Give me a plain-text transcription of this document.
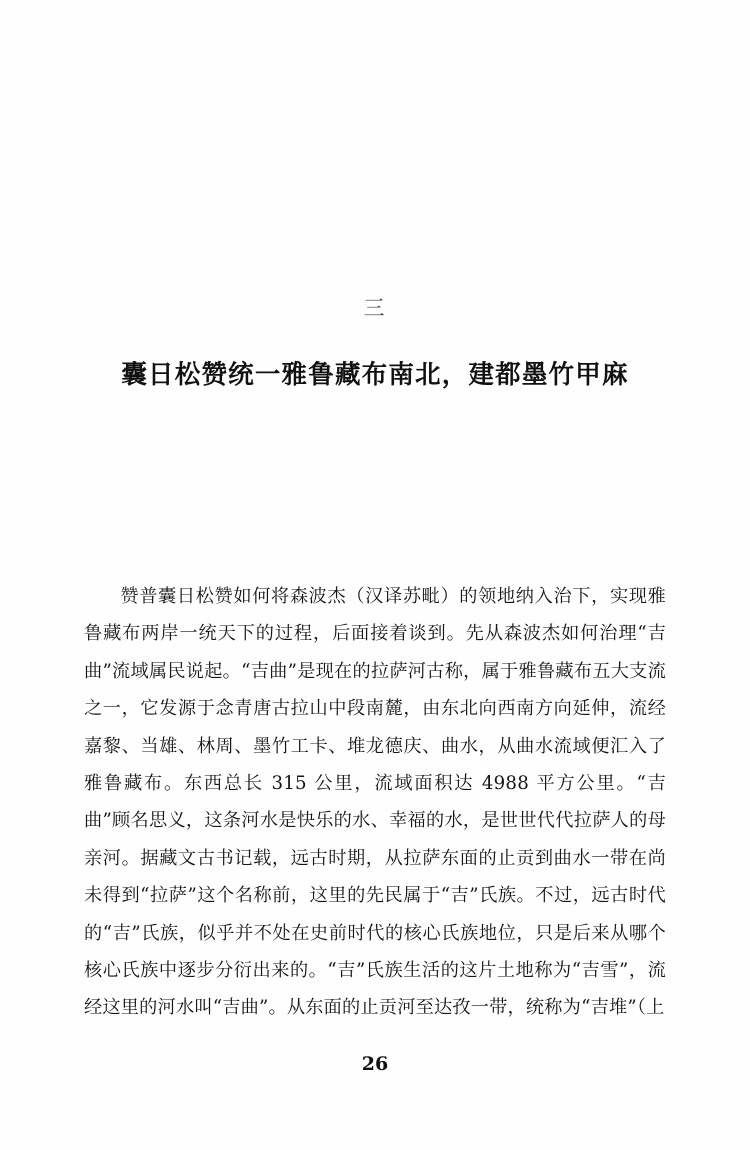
三
囊日松赞统一雅鲁藏布南北，建都墨竹甲麻

赞普囊日松赞如何将森波杰（汉译苏毗）的领地纳入治下，实现雅鲁藏布两岸一统天下的过程，后面接着谈到。先从森波杰如何治理“吉曲”流域属民说起。“吉曲”是现在的拉萨河古称，属于雅鲁藏布五大支流之一，它发源于念青唐古拉山中段南麓，由东北向西南方向延伸，流经嘉黎、当雄、林周、墨竹工卡、堆龙德庆、曲水，从曲水流域便汇入了雅鲁藏布。东西总长 315 公里，流域面积达 4988 平方公里。“吉曲”顾名思义，这条河水是快乐的水、幸福的水，是世世代代拉萨人的母亲河。据藏文古书记载，远古时期，从拉萨东面的止贡到曲水一带在尚未得到“拉萨”这个名称前，这里的先民属于“吉”氏族。不过，远古时代的“吉”氏族，似乎并不处在史前时代的核心氏族地位，只是后来从哪个核心氏族中逐步分衍出来的。“吉”氏族生活的这片土地称为“吉雪”，流经这里的河水叫“吉曲”。从东面的止贡河至达孜一带，统称为“吉堆”（上

26
